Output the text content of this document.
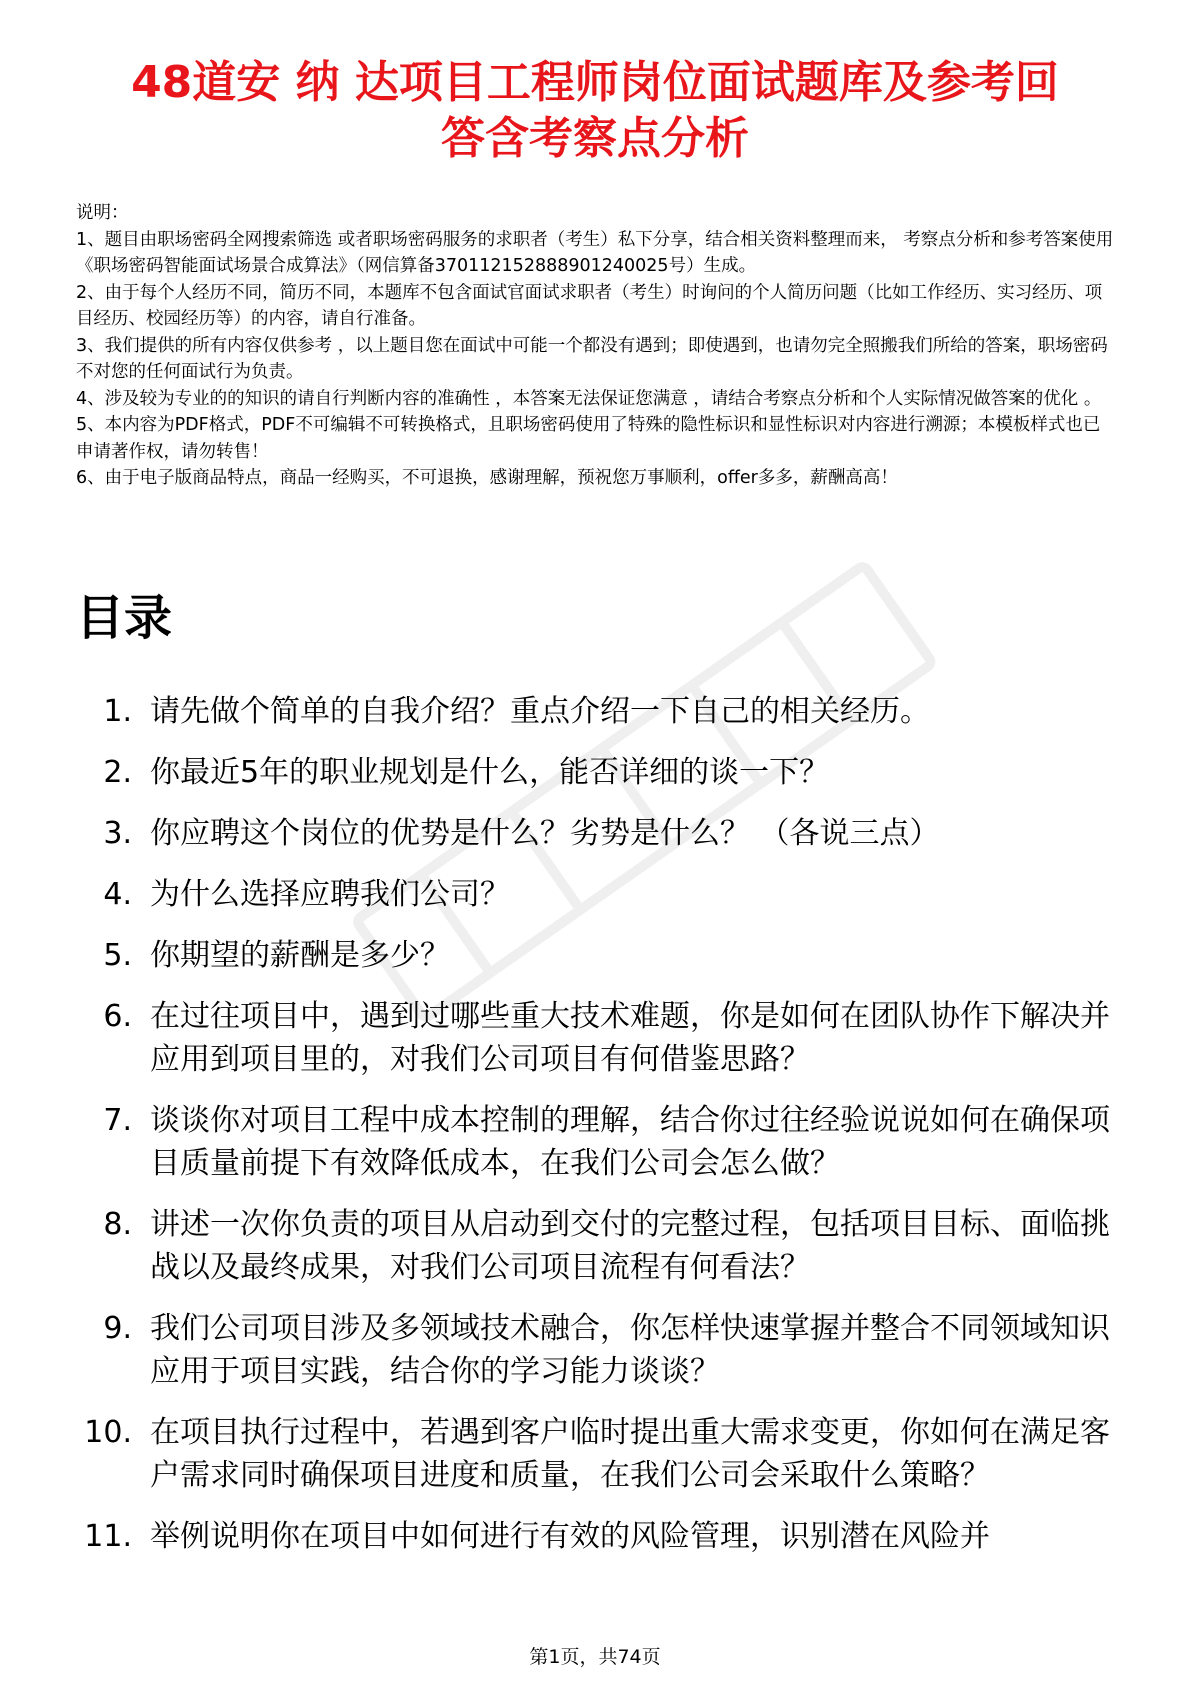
48道安 纳 达项目工程师岗位面试题库及参考回
答含考察点分析

说明：

1、题目由职场密码全网搜索筛选 或者职场密码服务的求职者（考生）私下分享，结合相关资料整理而来， 考察点分析和参考答案使用《职场密码智能面试场景合成算法》（网信算备370112152888901240025号）生成。

2、由于每个人经历不同，简历不同，本题库不包含面试官面试求职者（考生）时询问的个人简历问题（比如工作经历、实习经历、项目经历、校园经历等）的内容，请自行准备。

3、我们提供的所有内容仅供参考 ，以上题目您在面试中可能一个都没有遇到；即使遇到，也请勿完全照搬我们所给的答案，职场密码不对您的任何面试行为负责。

4、涉及较为专业的的知识的请自行判断内容的准确性 ，本答案无法保证您满意 ，请结合考察点分析和个人实际情况做答案的优化 。

5、本内容为PDF格式，PDF不可编辑不可转换格式，且职场密码使用了特殊的隐性标识和显性标识对内容进行溯源；本模板样式也已申请著作权，请勿转售！

6、由于电子版商品特点，商品一经购买，不可退换，感谢理解，预祝您万事顺利，offer多多，薪酬高高！

目录
1. 请先做个简单的自我介绍？重点介绍一下自己的相关经历。
2. 你最近5年的职业规划是什么，能否详细的谈一下？
3. 你应聘这个岗位的优势是什么？劣势是什么？ （各说三点）
4. 为什么选择应聘我们公司？
5. 你期望的薪酬是多少？
6. 在过往项目中，遇到过哪些重大技术难题，你是如何在团队协作下解决并应用到项目里的，对我们公司项目有何借鉴思路？
7. 谈谈你对项目工程中成本控制的理解，结合你过往经验说说如何在确保项目质量前提下有效降低成本，在我们公司会怎么做？
8. 讲述一次你负责的项目从启动到交付的完整过程，包括项目目标、面临挑战以及最终成果，对我们公司项目流程有何看法？
9. 我们公司项目涉及多领域技术融合，你怎样快速掌握并整合不同领域知识应用于项目实践，结合你的学习能力谈谈？
10. 在项目执行过程中，若遇到客户临时提出重大需求变更，你如何在满足客户需求同时确保项目进度和质量，在我们公司会采取什么策略？
11. 举例说明你在项目中如何进行有效的风险管理，识别潜在风险并
第1页，共74页
